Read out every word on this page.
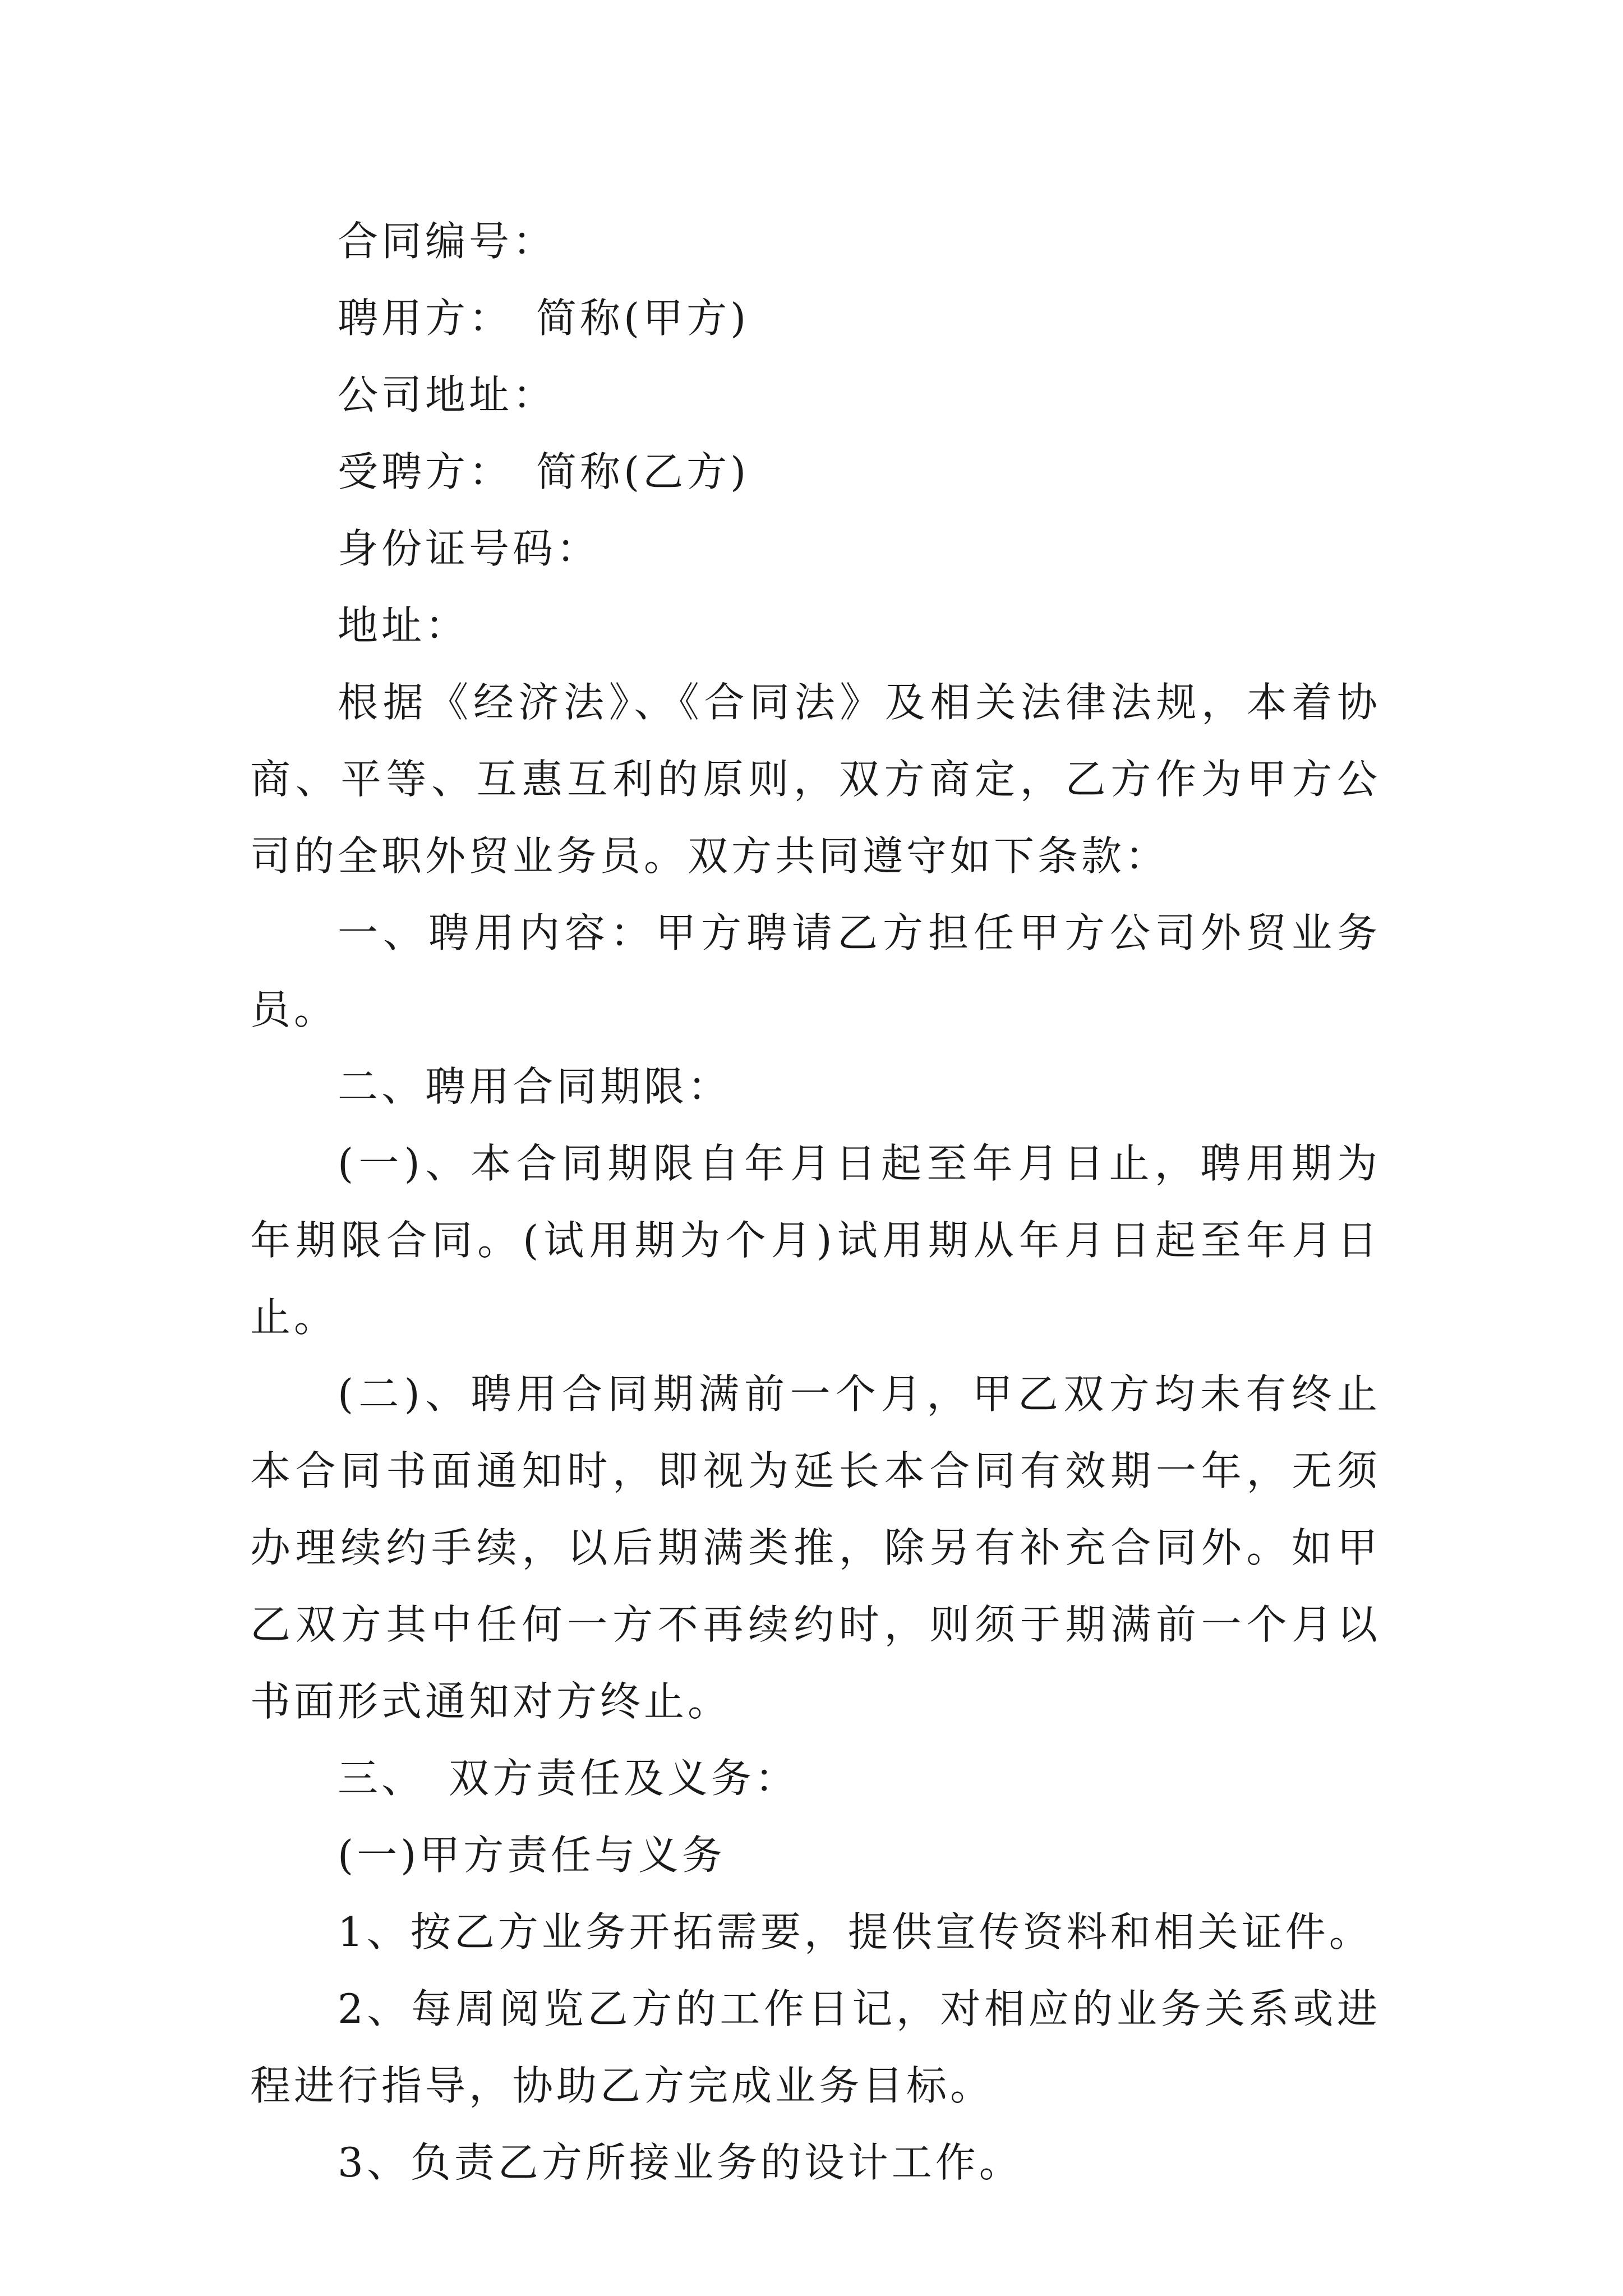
合同编号：

聘用方：　简称(甲方)

公司地址：

受聘方：　简称(乙方)

身份证号码：

地址：

根据《经济法》、《合同法》及相关法律法规，本着协商、平等、互惠互利的原则，双方商定，乙方作为甲方公司的全职外贸业务员。双方共同遵守如下条款：

一、聘用内容：甲方聘请乙方担任甲方公司外贸业务员。

二、聘用合同期限：

(一)、本合同期限自年月日起至年月日止，聘用期为年期限合同。(试用期为个月)试用期从年月日起至年月日止。

(二)、聘用合同期满前一个月，甲乙双方均未有终止本合同书面通知时，即视为延长本合同有效期一年，无须办理续约手续，以后期满类推，除另有补充合同外。如甲乙双方其中任何一方不再续约时，则须于期满前一个月以书面形式通知对方终止。

三、　双方责任及义务：

(一)甲方责任与义务

1、按乙方业务开拓需要，提供宣传资料和相关证件。

2、每周阅览乙方的工作日记，对相应的业务关系或进程进行指导，协助乙方完成业务目标。

3、负责乙方所接业务的设计工作。
